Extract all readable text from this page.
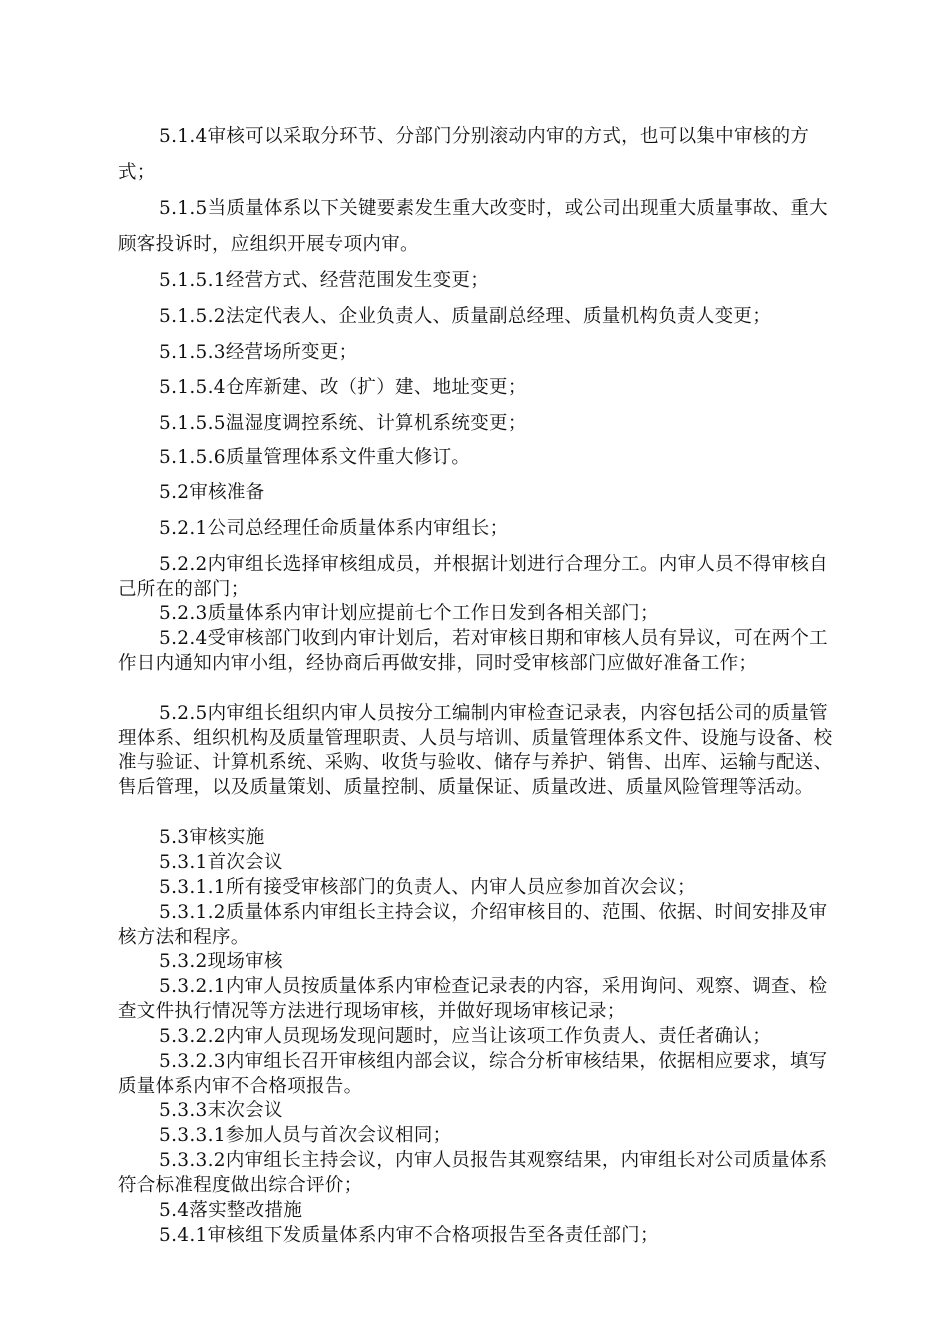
5.1.4审核可以采取分环节、分部门分别滚动内审的方式，也可以集中审核的方式；

5.1.5当质量体系以下关键要素发生重大改变时，或公司出现重大质量事故、重大顾客投诉时，应组织开展专项内审。

5.1.5.1经营方式、经营范围发生变更；

5.1.5.2法定代表人、企业负责人、质量副总经理、质量机构负责人变更；

5.1.5.3经营场所变更；

5.1.5.4仓库新建、改（扩）建、地址变更；

5.1.5.5温湿度调控系统、计算机系统变更；

5.1.5.6质量管理体系文件重大修订。

5.2审核准备

5.2.1公司总经理任命质量体系内审组长；

5.2.2内审组长选择审核组成员，并根据计划进行合理分工。内审人员不得审核自己所在的部门；

5.2.3质量体系内审计划应提前七个工作日发到各相关部门；

5.2.4受审核部门收到内审计划后，若对审核日期和审核人员有异议，可在两个工作日内通知内审小组，经协商后再做安排，同时受审核部门应做好准备工作；

5.2.5内审组长组织内审人员按分工编制内审检查记录表，内容包括公司的质量管理体系、组织机构及质量管理职责、人员与培训、质量管理体系文件、设施与设备、校准与验证、计算机系统、采购、收货与验收、储存与养护、销售、出库、运输与配送、售后管理，以及质量策划、质量控制、质量保证、质量改进、质量风险管理等活动。

5.3审核实施

5.3.1首次会议

5.3.1.1所有接受审核部门的负责人、内审人员应参加首次会议；

5.3.1.2质量体系内审组长主持会议，介绍审核目的、范围、依据、时间安排及审核方法和程序。

5.3.2现场审核

5.3.2.1内审人员按质量体系内审检查记录表的内容，采用询问、观察、调查、检查文件执行情况等方法进行现场审核，并做好现场审核记录；

5.3.2.2内审人员现场发现问题时，应当让该项工作负责人、责任者确认；

5.3.2.3内审组长召开审核组内部会议，综合分析审核结果，依据相应要求，填写质量体系内审不合格项报告。

5.3.3末次会议

5.3.3.1参加人员与首次会议相同；

5.3.3.2内审组长主持会议，内审人员报告其观察结果，内审组长对公司质量体系符合标准程度做出综合评价；

5.4落实整改措施

5.4.1审核组下发质量体系内审不合格项报告至各责任部门；
